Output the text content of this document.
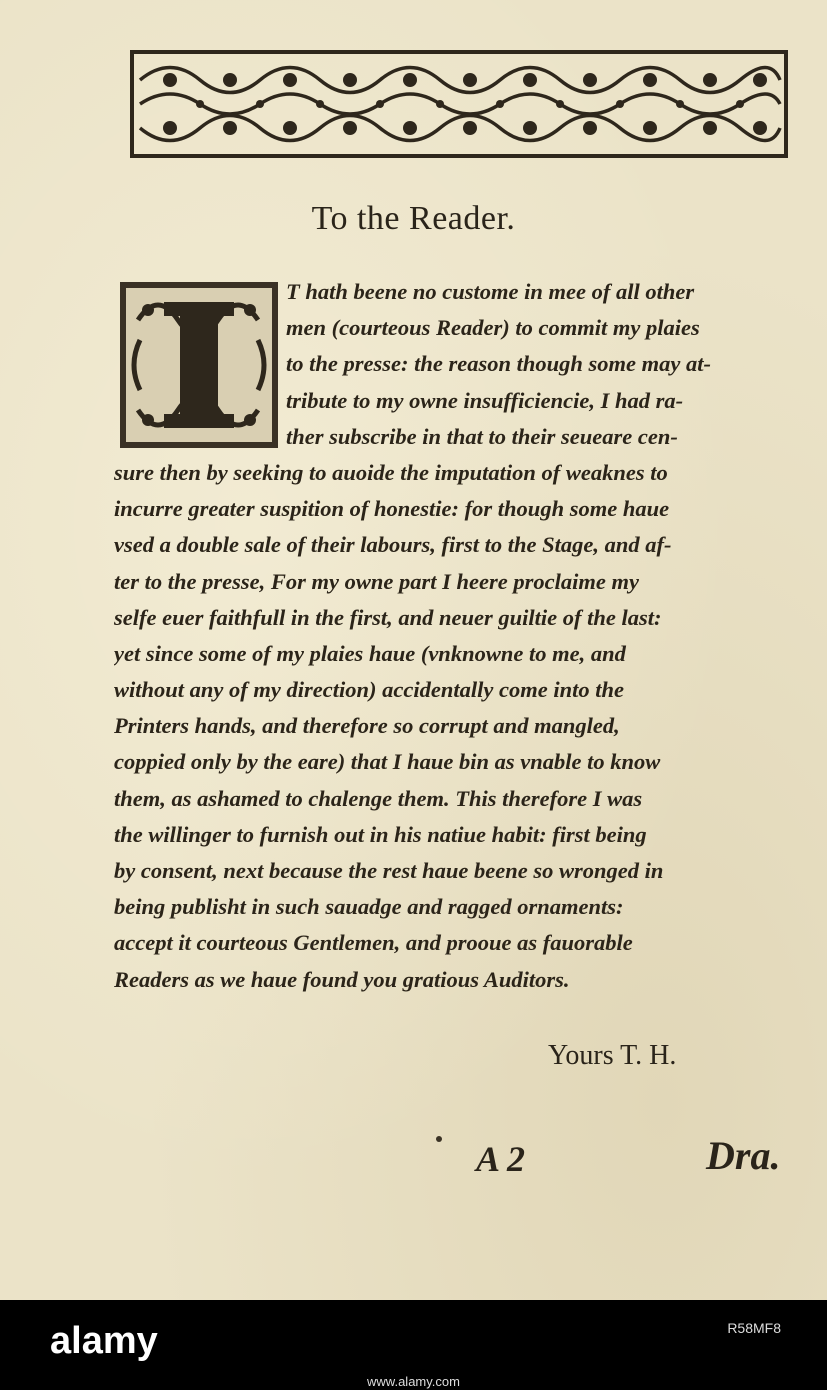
To the Reader.
T hath beene no custome in mee of all other
men (courteous Reader) to commit my plaies
to the presse: the reason though some may at-
tribute to my owne insufficiencie, I had ra-
ther subscribe in that to their seueare cen-
sure then by seeking to auoide the imputation of weaknes to
incurre greater suspition of honestie: for though some haue
vsed a double sale of their labours, first to the Stage, and af-
ter to the presse, For my owne part I heere proclaime my
selfe euer faithfull in the first, and neuer guiltie of the last:
yet since some of my plaies haue (vnknowne to me, and
without any of my direction) accidentally come into the
Printers hands, and therefore so corrupt and mangled,
coppied only by the eare) that I haue bin as vnable to know
them, as ashamed to chalenge them. This therefore I was
the willinger to furnish out in his natiue habit: first being
by consent, next because the rest haue beene so wronged in
being publisht in such sauadge and ragged ornaments:
accept it courteous Gentlemen, and prooue as fauorable
Readers as we haue found you gratious Auditors.
Yours T. H.
A 2	Dra.
alamy	R58MF8
www.alamy.com
